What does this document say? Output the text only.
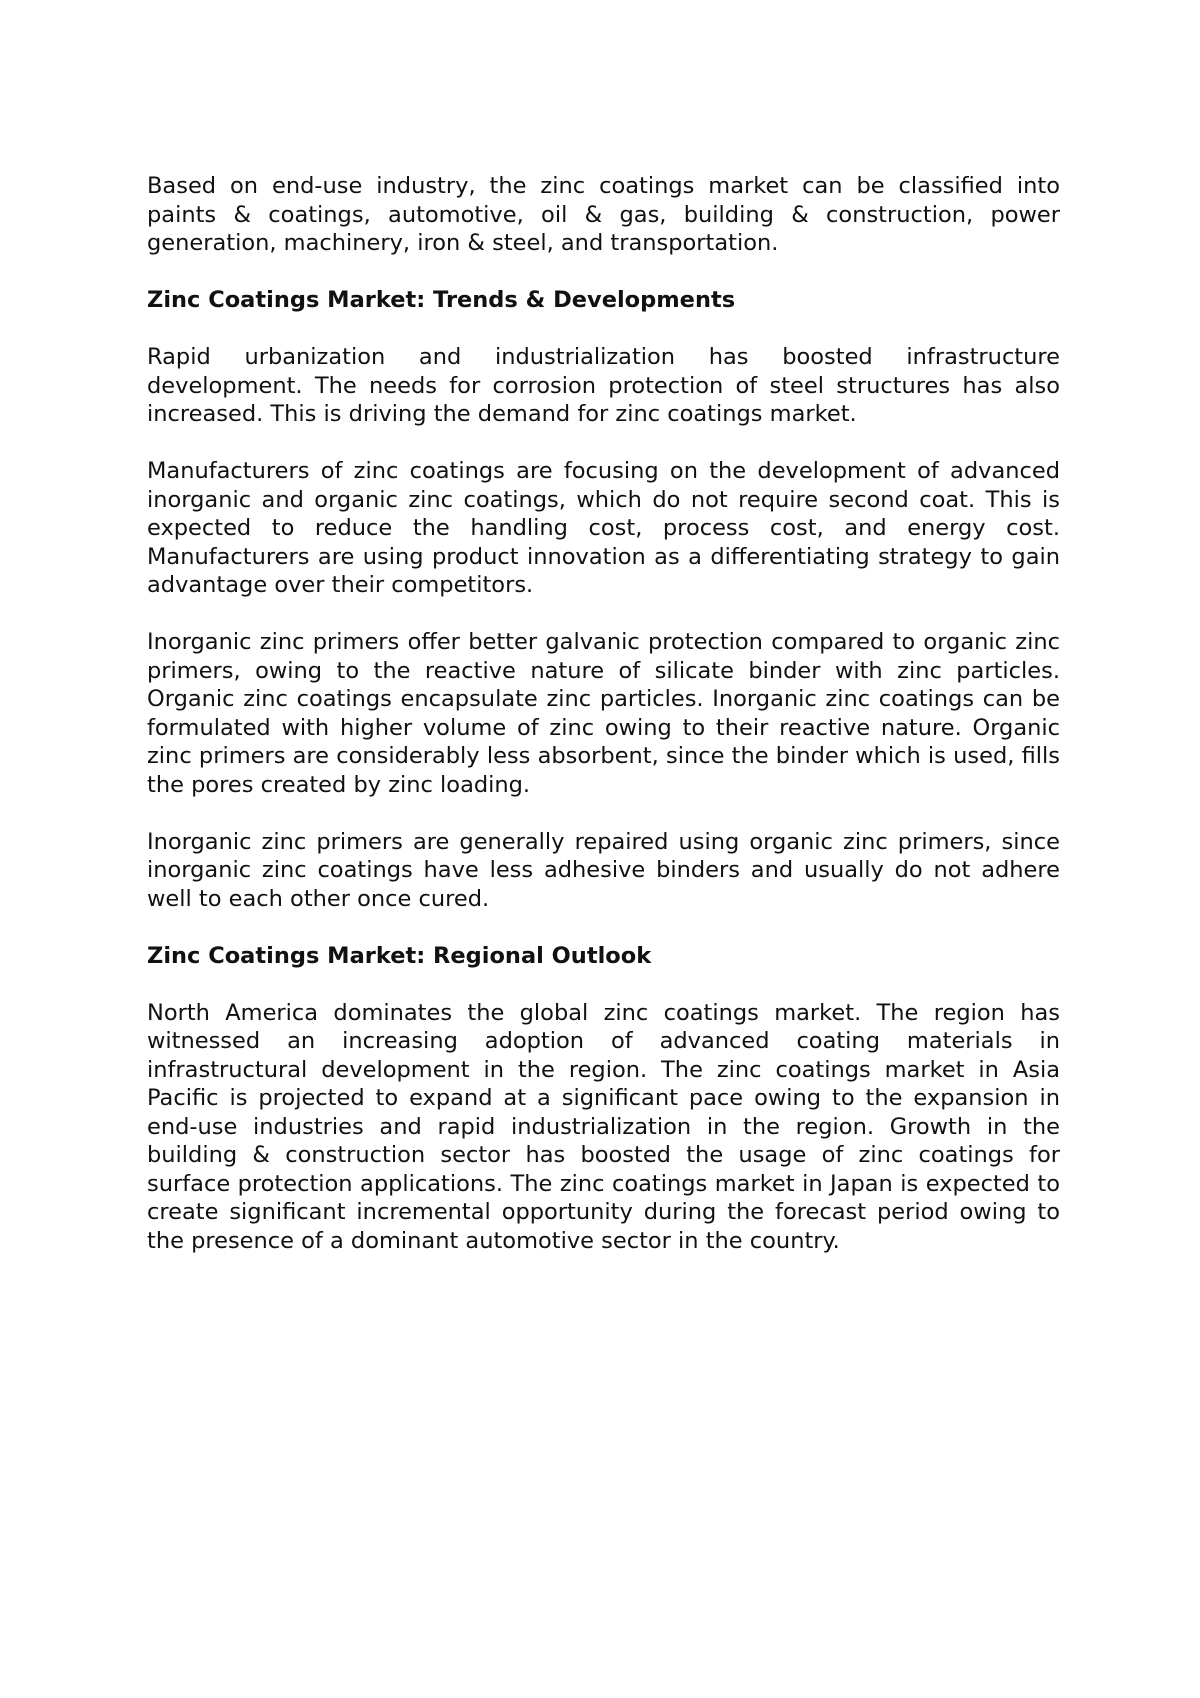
Based on end-use industry, the zinc coatings market can be classified into paints & coatings, automotive, oil & gas, building & construction, power generation, machinery, iron & steel, and transportation.

Zinc Coatings Market: Trends & Developments

Rapid urbanization and industrialization has boosted infrastructure development. The needs for corrosion protection of steel structures has also increased. This is driving the demand for zinc coatings market.

Manufacturers of zinc coatings are focusing on the development of advanced inorganic and organic zinc coatings, which do not require second coat. This is expected to reduce the handling cost, process cost, and energy cost. Manufacturers are using product innovation as a differentiating strategy to gain advantage over their competitors.

Inorganic zinc primers offer better galvanic protection compared to organic zinc primers, owing to the reactive nature of silicate binder with zinc particles. Organic zinc coatings encapsulate zinc particles. Inorganic zinc coatings can be formulated with higher volume of zinc owing to their reactive nature. Organic zinc primers are considerably less absorbent, since the binder which is used, fills the pores created by zinc loading.

Inorganic zinc primers are generally repaired using organic zinc primers, since inorganic zinc coatings have less adhesive binders and usually do not adhere well to each other once cured.

Zinc Coatings Market: Regional Outlook

North America dominates the global zinc coatings market. The region has witnessed an increasing adoption of advanced coating materials in infrastructural development in the region. The zinc coatings market in Asia Pacific is projected to expand at a significant pace owing to the expansion in end-use industries and rapid industrialization in the region. Growth in the building & construction sector has boosted the usage of zinc coatings for surface protection applications. The zinc coatings market in Japan is expected to create significant incremental opportunity during the forecast period owing to the presence of a dominant automotive sector in the country.
